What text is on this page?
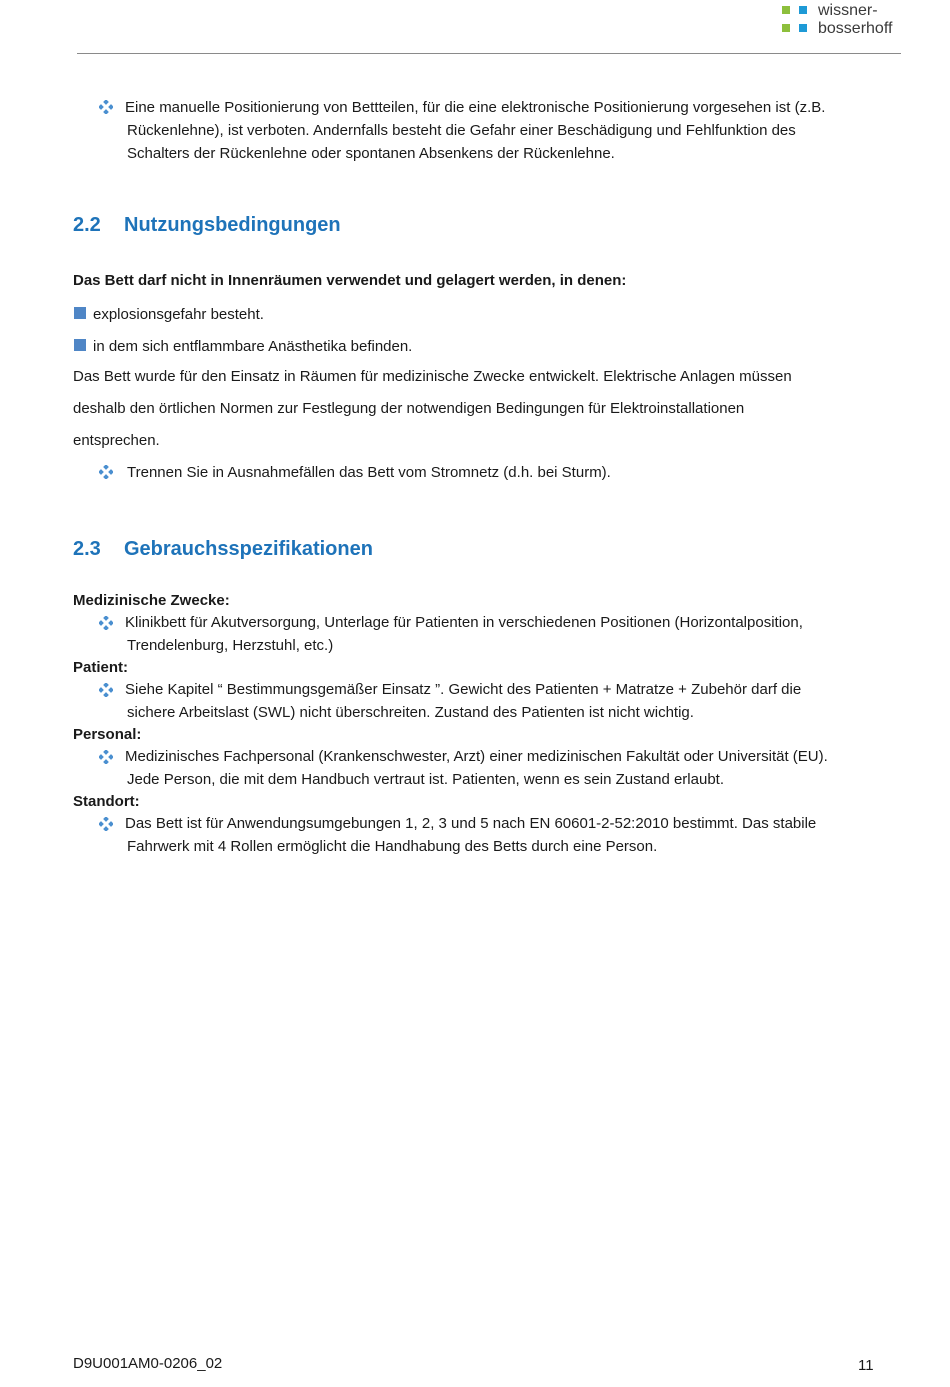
wissner-
bosserhoff
Eine manuelle Positionierung von Bettteilen, für die eine elektronische Positionierung vorgesehen ist (z.B.
Rückenlehne), ist verboten. Andernfalls besteht die Gefahr einer Beschädigung und Fehlfunktion des
Schalters der Rückenlehne oder spontanen Absenkens der Rückenlehne.
2.2 Nutzungsbedingungen
Das Bett darf nicht in Innenräumen verwendet und gelagert werden, in denen:
explosionsgefahr besteht.
in dem sich entflammbare Anästhetika befinden.
Das Bett wurde für den Einsatz in Räumen für medizinische Zwecke entwickelt. Elektrische Anlagen müssen
deshalb den örtlichen Normen zur Festlegung der notwendigen Bedingungen für Elektroinstallationen
entsprechen.
Trennen Sie in Ausnahmefällen das Bett vom Stromnetz (d.h. bei Sturm).
2.3 Gebrauchsspezifikationen
Medizinische Zwecke:
Klinikbett für Akutversorgung, Unterlage für Patienten in verschiedenen Positionen (Horizontalposition,
Trendelenburg, Herzstuhl, etc.)
Patient:
Siehe Kapitel “ Bestimmungsgemäßer Einsatz ”. Gewicht des Patienten + Matratze + Zubehör darf die
sichere Arbeitslast (SWL) nicht überschreiten. Zustand des Patienten ist nicht wichtig.
Personal:
Medizinisches Fachpersonal (Krankenschwester, Arzt) einer medizinischen Fakultät oder Universität (EU).
Jede Person, die mit dem Handbuch vertraut ist. Patienten, wenn es sein Zustand erlaubt.
Standort:
Das Bett ist für Anwendungsumgebungen 1, 2, 3 und 5 nach EN 60601-2-52:2010 bestimmt. Das stabile
Fahrwerk mit 4 Rollen ermöglicht die Handhabung des Betts durch eine Person.
D9U001AM0-0206_02	11
